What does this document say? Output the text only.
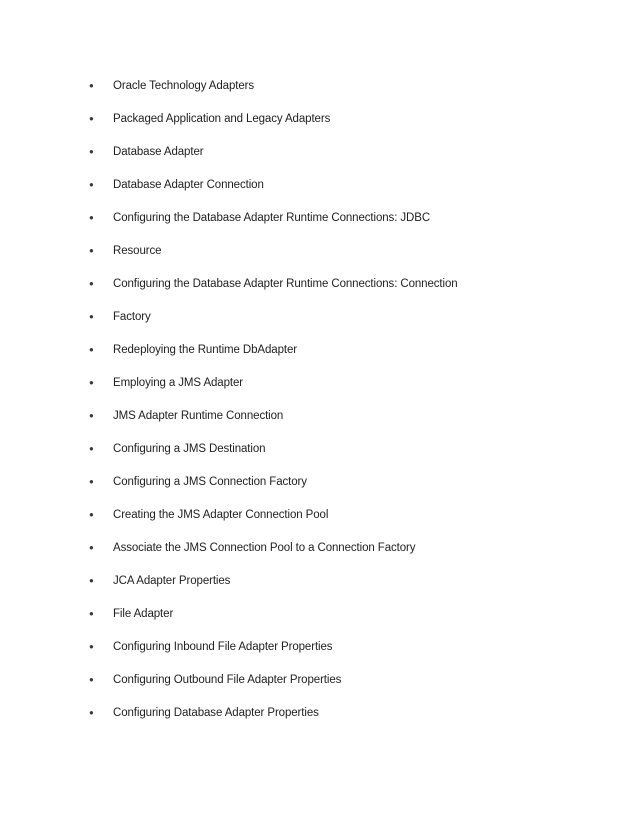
●	Oracle Technology Adapters
●	Packaged Application and Legacy Adapters
●	Database Adapter
●	Database Adapter Connection
●	Configuring the Database Adapter Runtime Connections: JDBC
●	Resource
●	Configuring the Database Adapter Runtime Connections: Connection
●	Factory
●	Redeploying the Runtime DbAdapter
●	Employing a JMS Adapter
●	JMS Adapter Runtime Connection
●	Configuring a JMS Destination
●	Configuring a JMS Connection Factory
●	Creating the JMS Adapter Connection Pool
●	Associate the JMS Connection Pool to a Connection Factory
●	JCA Adapter Properties
●	File Adapter
●	Configuring Inbound File Adapter Properties
●	Configuring Outbound File Adapter Properties
●	Configuring Database Adapter Properties
